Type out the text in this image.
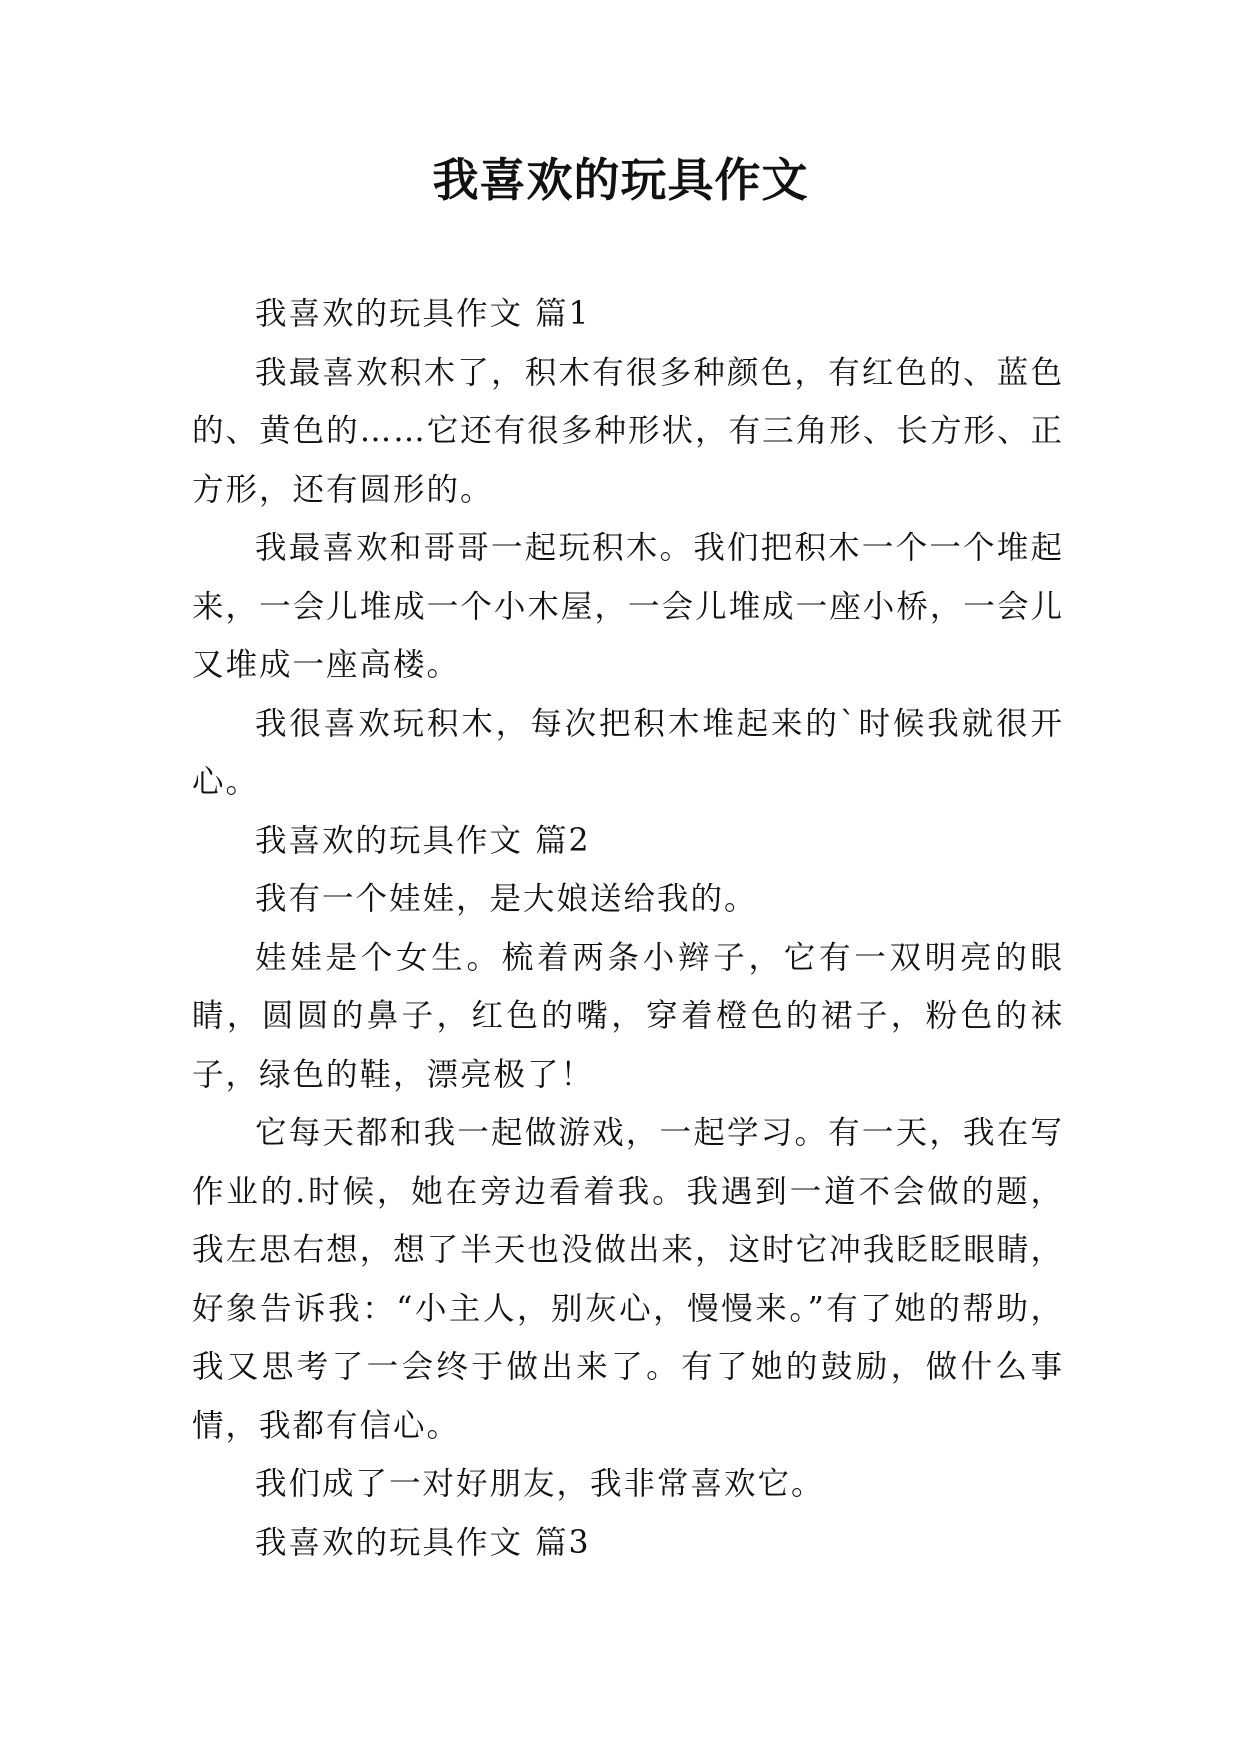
我喜欢的玩具作文

我喜欢的玩具作文 篇1

我最喜欢积木了，积木有很多种颜色，有红色的、蓝色的、黄色的……它还有很多种形状，有三角形、长方形、正方形，还有圆形的。

我最喜欢和哥哥一起玩积木。我们把积木一个一个堆起来，一会儿堆成一个小木屋，一会儿堆成一座小桥，一会儿又堆成一座高楼。

我很喜欢玩积木，每次把积木堆起来的`时候我就很开心。

我喜欢的玩具作文 篇2

我有一个娃娃，是大娘送给我的。

娃娃是个女生。梳着两条小辫子，它有一双明亮的眼睛，圆圆的鼻子，红色的嘴，穿着橙色的裙子，粉色的袜子，绿色的鞋，漂亮极了！

它每天都和我一起做游戏，一起学习。有一天，我在写作业的.时候，她在旁边看着我。我遇到一道不会做的题，我左思右想，想了半天也没做出来，这时它冲我眨眨眼睛，好象告诉我：“小主人，别灰心，慢慢来。”有了她的帮助，我又思考了一会终于做出来了。有了她的鼓励，做什么事情，我都有信心。

我们成了一对好朋友，我非常喜欢它。

我喜欢的玩具作文 篇3
